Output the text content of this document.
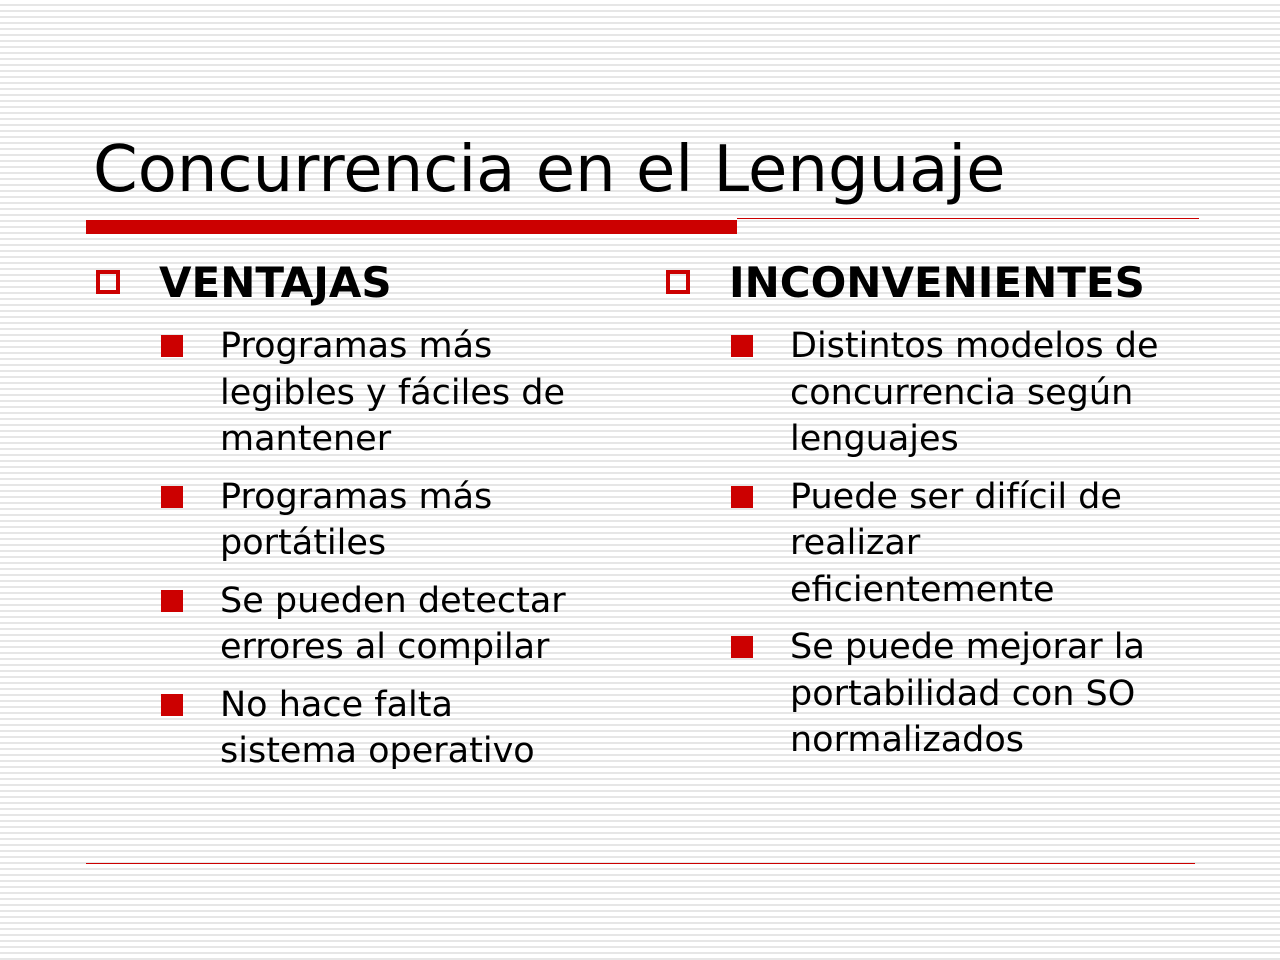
Concurrencia en el Lenguaje
VENTAJAS
Programas más
legibles y fáciles de
mantener
Programas más
portátiles
Se pueden detectar
errores al compilar
No hace falta
sistema operativo
INCONVENIENTES
Distintos modelos de
concurrencia según
lenguajes
Puede ser difícil de
realizar
eficientemente
Se puede mejorar la
portabilidad con SO
normalizados
